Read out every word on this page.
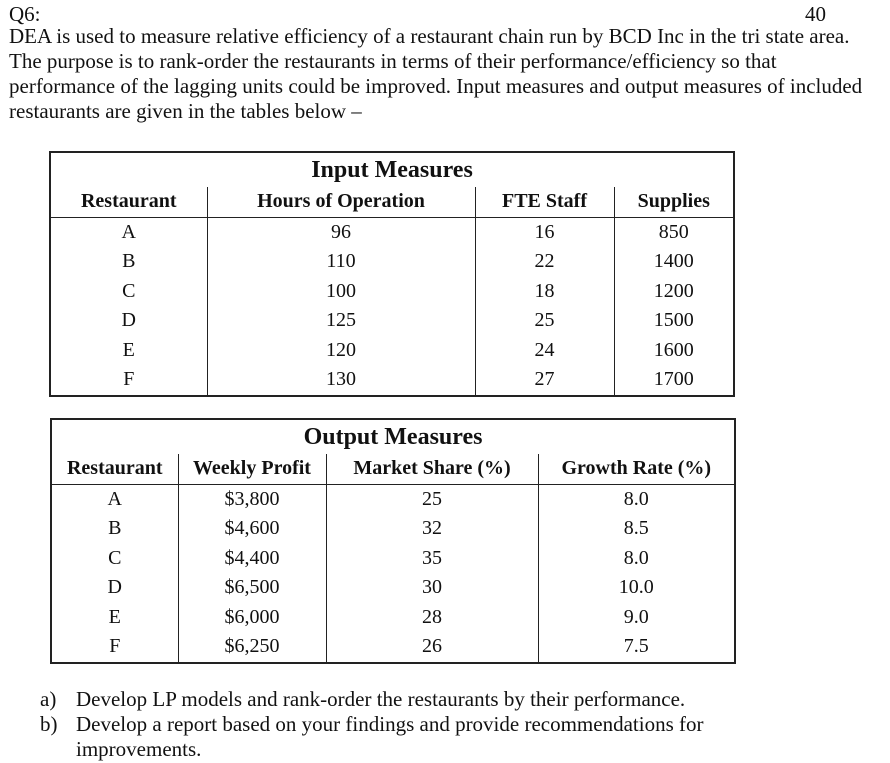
Q6:	40
DEA is used to measure relative efficiency of a restaurant chain run by BCD Inc in the tri state area. The purpose is to rank-order the restaurants in terms of their performance/efficiency so that performance of the lagging units could be improved. Input measures and output measures of included restaurants are given in the tables below –
Input Measures			
Restaurant	Hours of Operation	FTE Staff	Supplies
A	96	16	850
B	110	22	1400
C	100	18	1200
D	125	25	1500
E	120	24	1600
F	130	27	1700
Output Measures			
Restaurant	Weekly Profit	Market Share (%)	Growth Rate (%)
A	$3,800	25	8.0
B	$4,600	32	8.5
C	$4,400	35	8.0
D	$6,500	30	10.0
E	$6,000	28	9.0
F	$6,250	26	7.5
a) Develop LP models and rank-order the restaurants by their performance.
b) Develop a report based on your findings and provide recommendations for improvements.
